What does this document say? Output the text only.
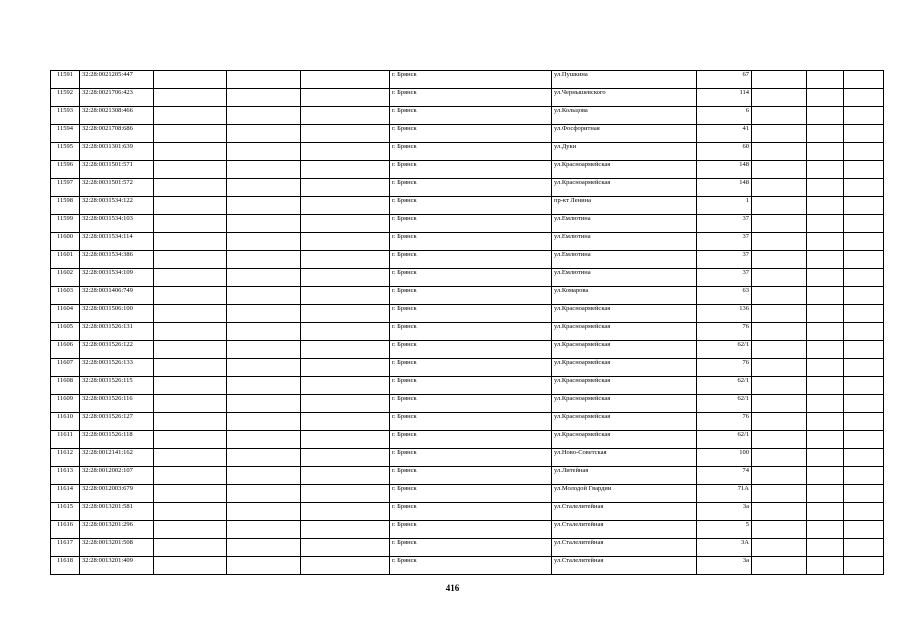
11591	32:28:0021205:447				г. Брянск	ул.Пушкина	67			
11592	32:28:0021706:423				г. Брянск	ул.Чернышевского	114			
11593	32:28:0021308:466				г. Брянск	ул.Кольцова	6			
11594	32:28:0021708:686				г. Брянск	ул.Фосфоритная	41			
11595	32:28:0031301:639				г. Брянск	ул.Дуки	60			
11596	32:28:0031501:571				г. Брянск	ул.Красноармейская	148			
11597	32:28:0031501:572				г. Брянск	ул.Красноармейская	148			
11598	32:28:0031534:122				г. Брянск	пр-кт Ленина	1			
11599	32:28:0031534:103				г. Брянск	ул.Емлютина	37			
11600	32:28:0031534:114				г. Брянск	ул.Емлютина	37			
11601	32:28:0031534:386				г. Брянск	ул.Емлютина	37			
11602	32:28:0031534:109				г. Брянск	ул.Емлютина	37			
11603	32:28:0031406:749				г. Брянск	ул.Комарова	63			
11604	32:28:0031506:100				г. Брянск	ул.Красноармейская	136			
11605	32:28:0031526:131				г. Брянск	ул.Красноармейская	76			
11606	32:28:0031526:122				г. Брянск	ул.Красноармейская	62/1			
11607	32:28:0031526:133				г. Брянск	ул.Красноармейская	76			
11608	32:28:0031526:115				г. Брянск	ул.Красноармейская	62/1			
11609	32:28:0031526:116				г. Брянск	ул.Красноармейская	62/1			
11610	32:28:0031526:127				г. Брянск	ул.Красноармейская	76			
11611	32:28:0031526:118				г. Брянск	ул.Красноармейская	62/1			
11612	32:28:0012141:162				г. Брянск	ул.Ново-Советская	100			
11613	32:28:0012002:107				г. Брянск	ул.Литейная	74			
11614	32:28:0012003:679				г. Брянск	ул.Молодой Гвардии	71А			
11615	32:28:0013201:581				г. Брянск	ул.Сталелитейная	3а			
11616	32:28:0013201:296				г. Брянск	ул.Сталелитейная	5			
11617	32:28:0013201:508				г. Брянск	ул.Сталелитейная	3А			
11618	32:28:0013201:409				г. Брянск	ул.Сталелитейная	3а			
416
